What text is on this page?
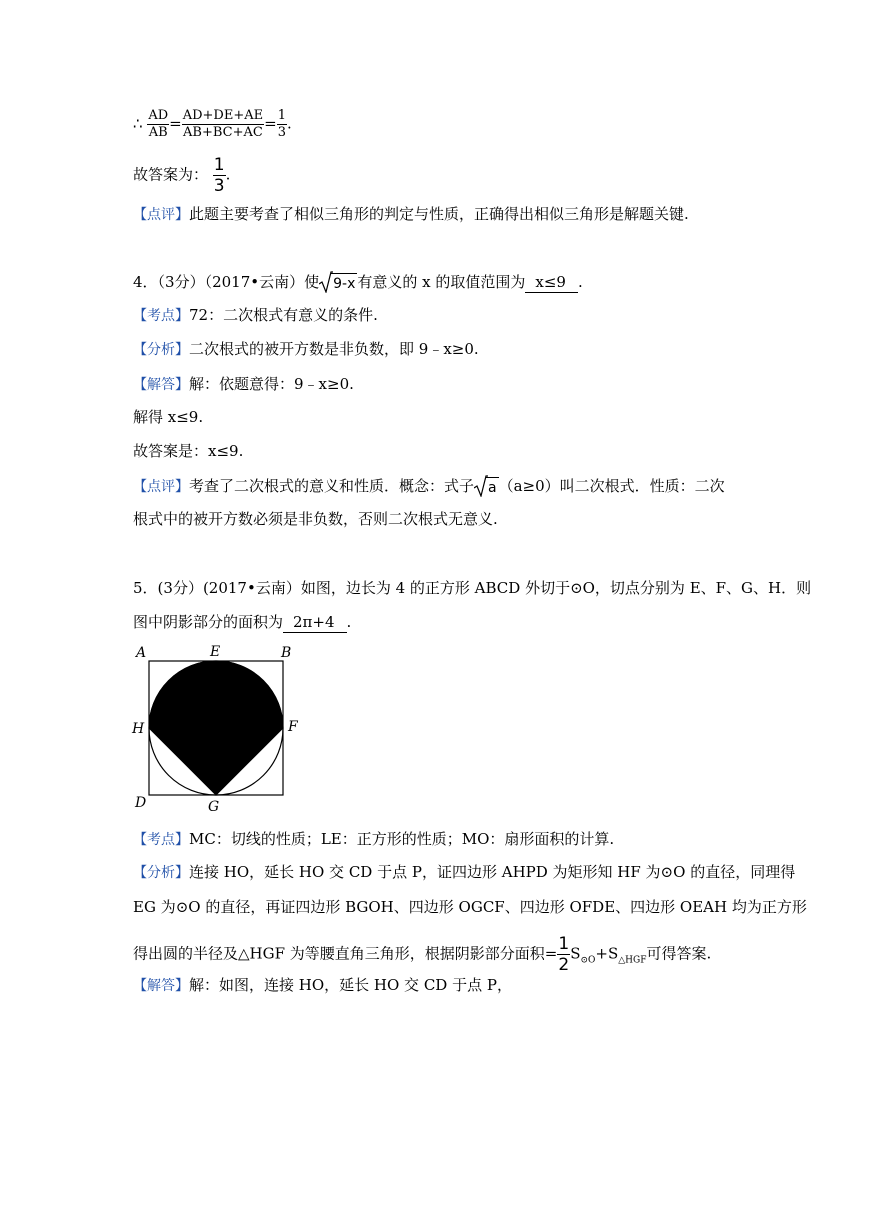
∴ $\frac{AD}{AB} = \frac{AD+DE+AE}{AB+BC+AC} = \frac{1}{3}$ .
故答案为： $\frac{1}{3}$ .
【点评】此题主要考查了相似三角形的判定与性质，正确得出相似三角形是解题关键.
4．（3分）（2017•云南）使 9-x 有意义的 x 的取值范围为 x≤9 .
【考点】72：二次根式有意义的条件.
【分析】二次根式的被开方数是非负数，即 9﹣x≥0.
【解答】解：依题意得：9﹣x≥0.
解得 x≤9.
故答案是：x≤9.
【点评】考查了二次根式的意义和性质．概念：式子 a （a≥0）叫二次根式．性质：二次
根式中的被开方数必须是非负数，否则二次根式无意义.
5．(3分）(2017•云南）如图，边长为 4 的正方形 ABCD 外切于⊙O，切点分别为 E、F、G、H．则
图中阴影部分的面积为 2π+4 .
A	E	B
H	F
D	G
【考点】MC：切线的性质；LE：正方形的性质；MO：扇形面积的计算.
【分析】连接 HO，延长 HO 交 CD 于点 P，证四边形 AHPD 为矩形知 HF 为⊙O 的直径，同理得
EG 为⊙O 的直径，再证四边形 BGOH、四边形 OGCF、四边形 OFDE、四边形 OEAH 均为正方形
得出圆的半径及△HGF 为等腰直角三角形，根据阴影部分面积= $\frac{1}{2} S_{⊙O}+S_{\triangle HGF}$可得答案.
【解答】解：如图，连接 HO，延长 HO 交 CD 于点 P，
